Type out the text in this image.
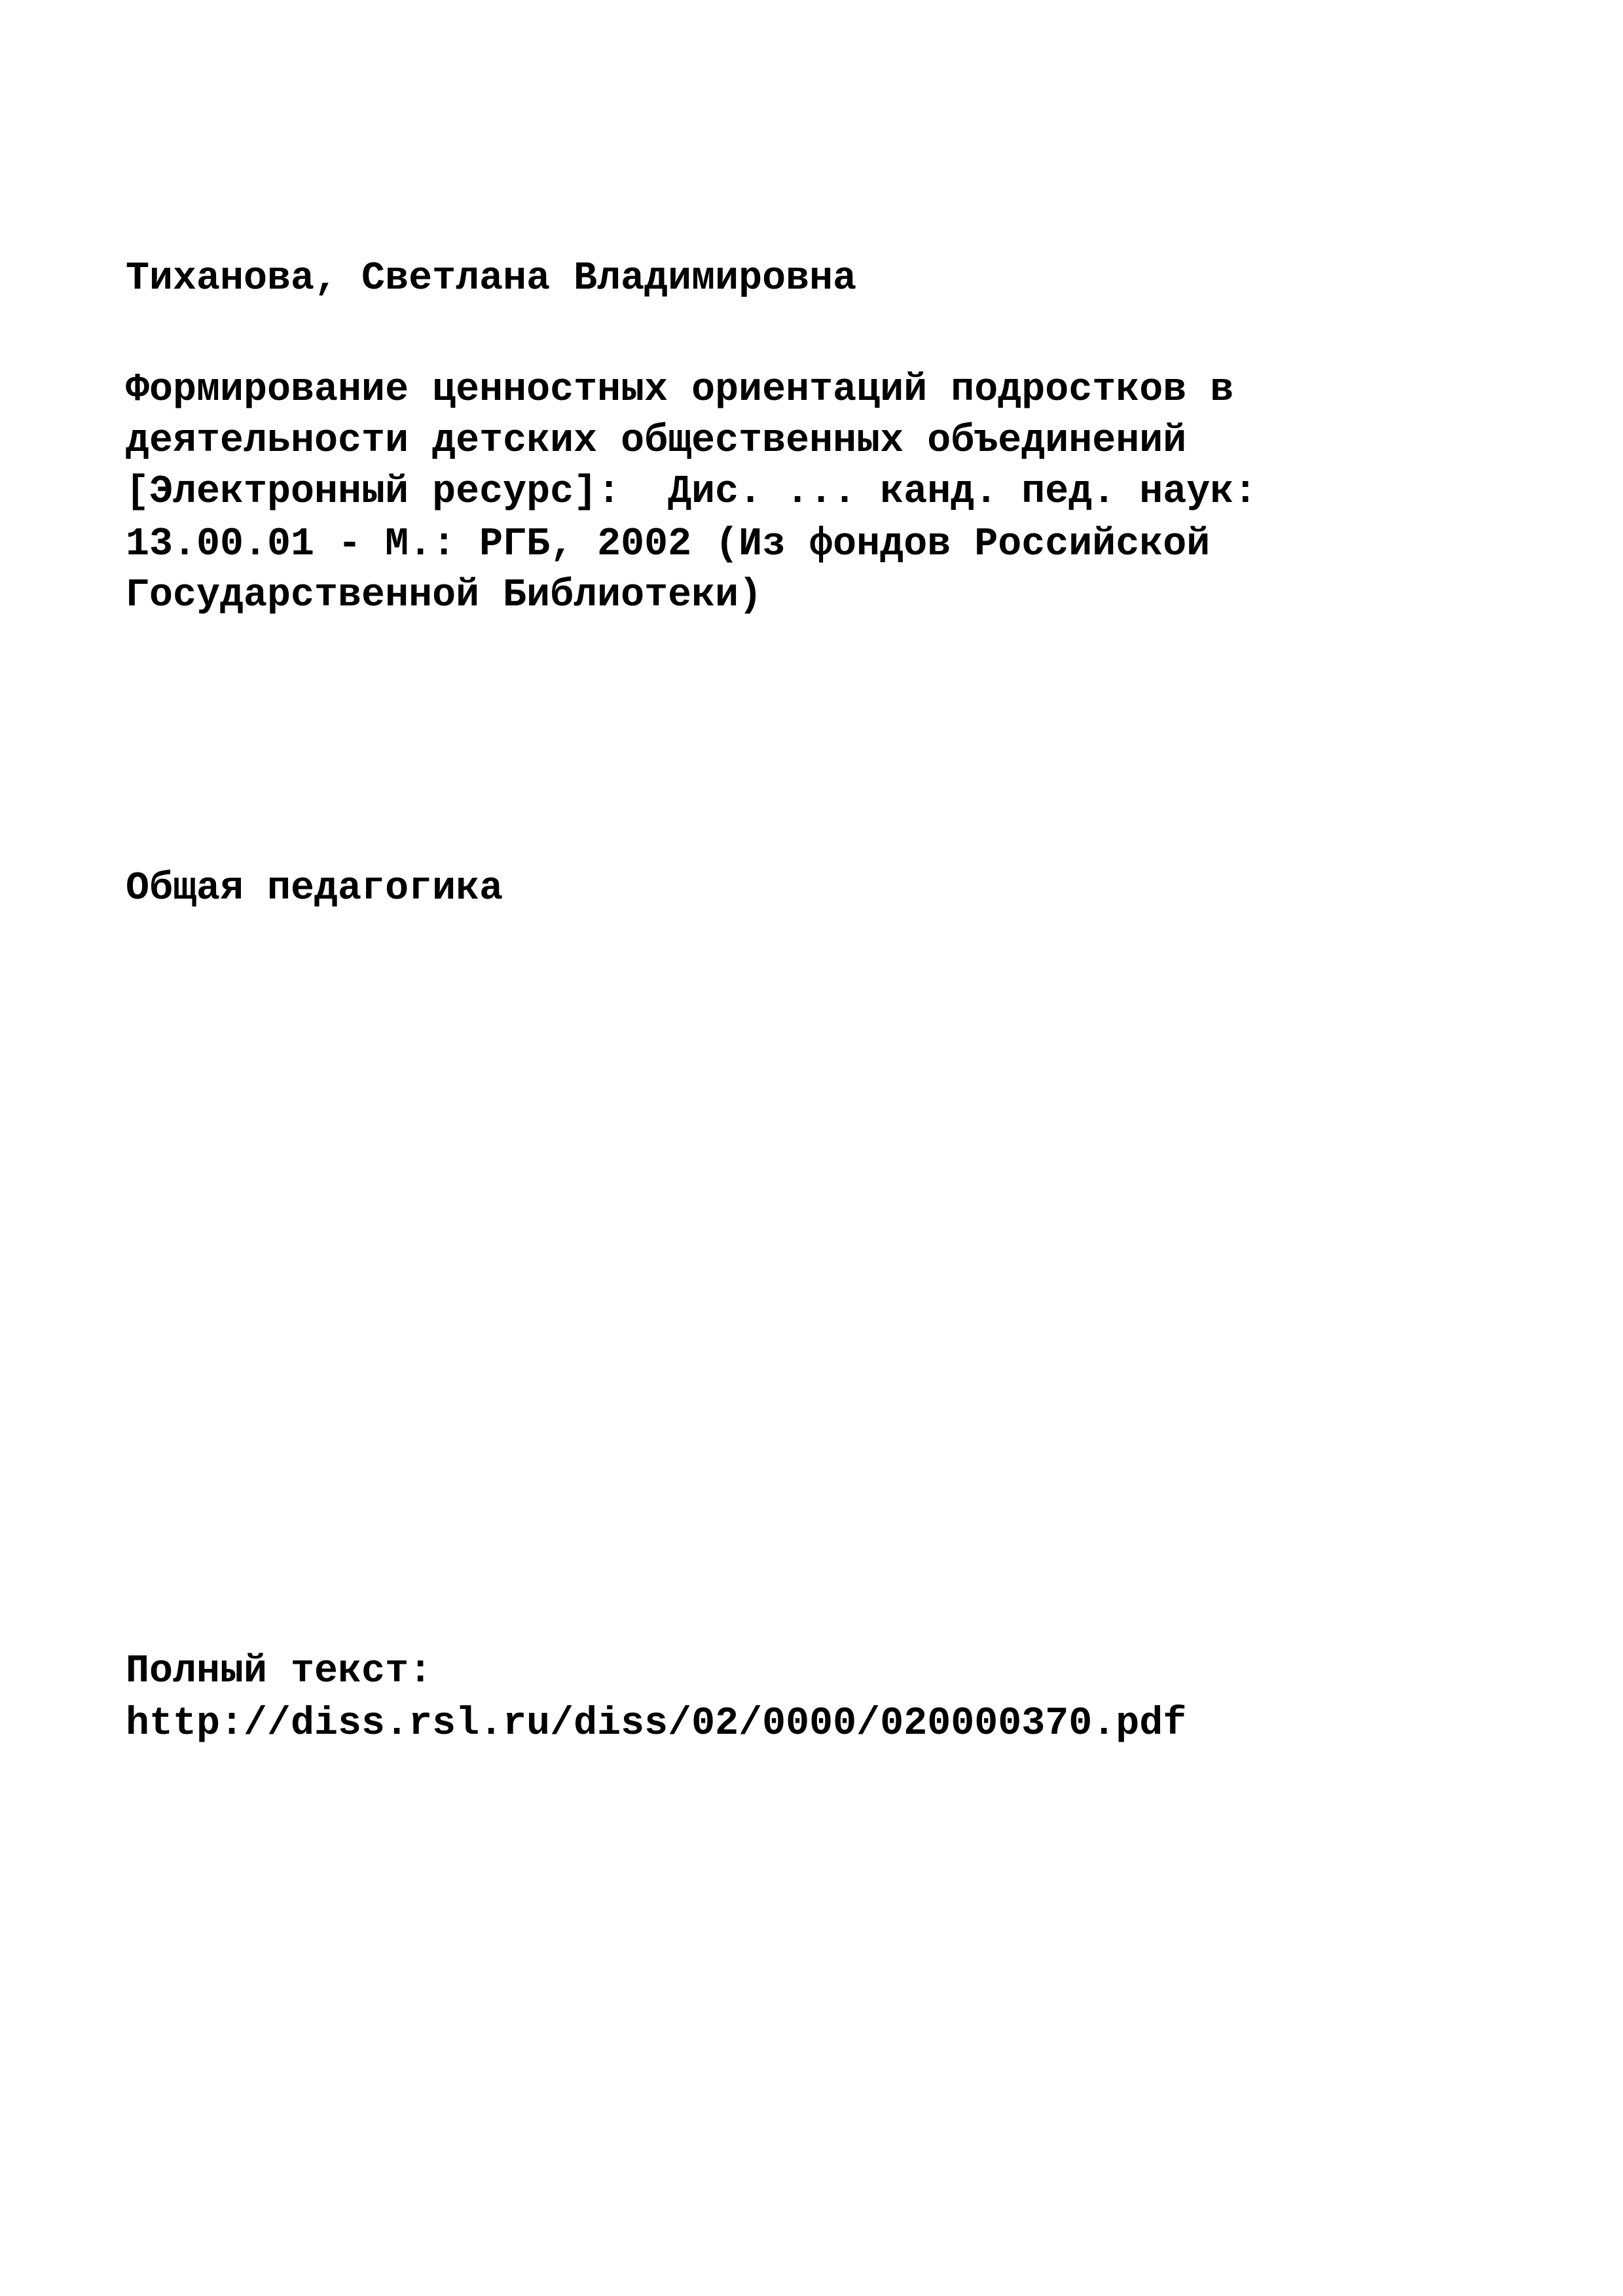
Тиханова, Светлана Владимировна

Формирование ценностных ориентаций подростков в

деятельности детских общественных объединений

[Электронный ресурс]:  Дис. ... канд. пед. наук:

13.00.01 - М.: РГБ, 2002 (Из фондов Российской

Государственной Библиотеки)

Общая педагогика

Полный текст:

http://diss.rsl.ru/diss/02/0000/020000370.pdf
